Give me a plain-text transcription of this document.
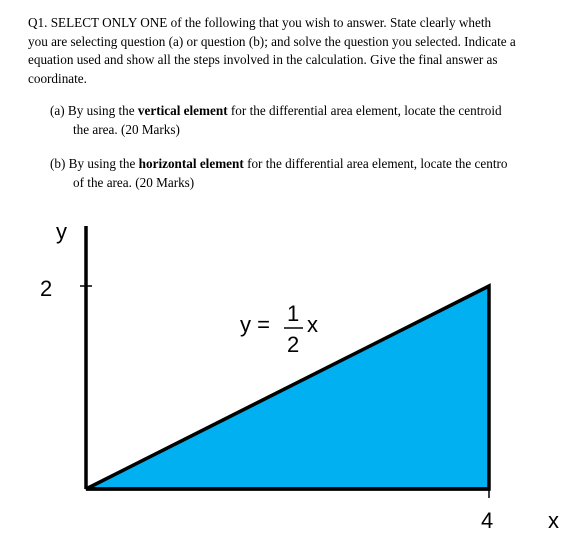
Q1. SELECT ONLY ONE of the following that you wish to answer. State clearly wheth
you are selecting question (a) or question (b); and solve the question you selected. Indicate a
equation used and show all the steps involved in the calculation. Give the final answer as
coordinate.
(a) By using the vertical element for the differential area element, locate the centroid
the area. (20 Marks)
(b) By using the horizontal element for the differential area element, locate the centro
of the area. (20 Marks)
y
x
2
4
y = 1
2
x
